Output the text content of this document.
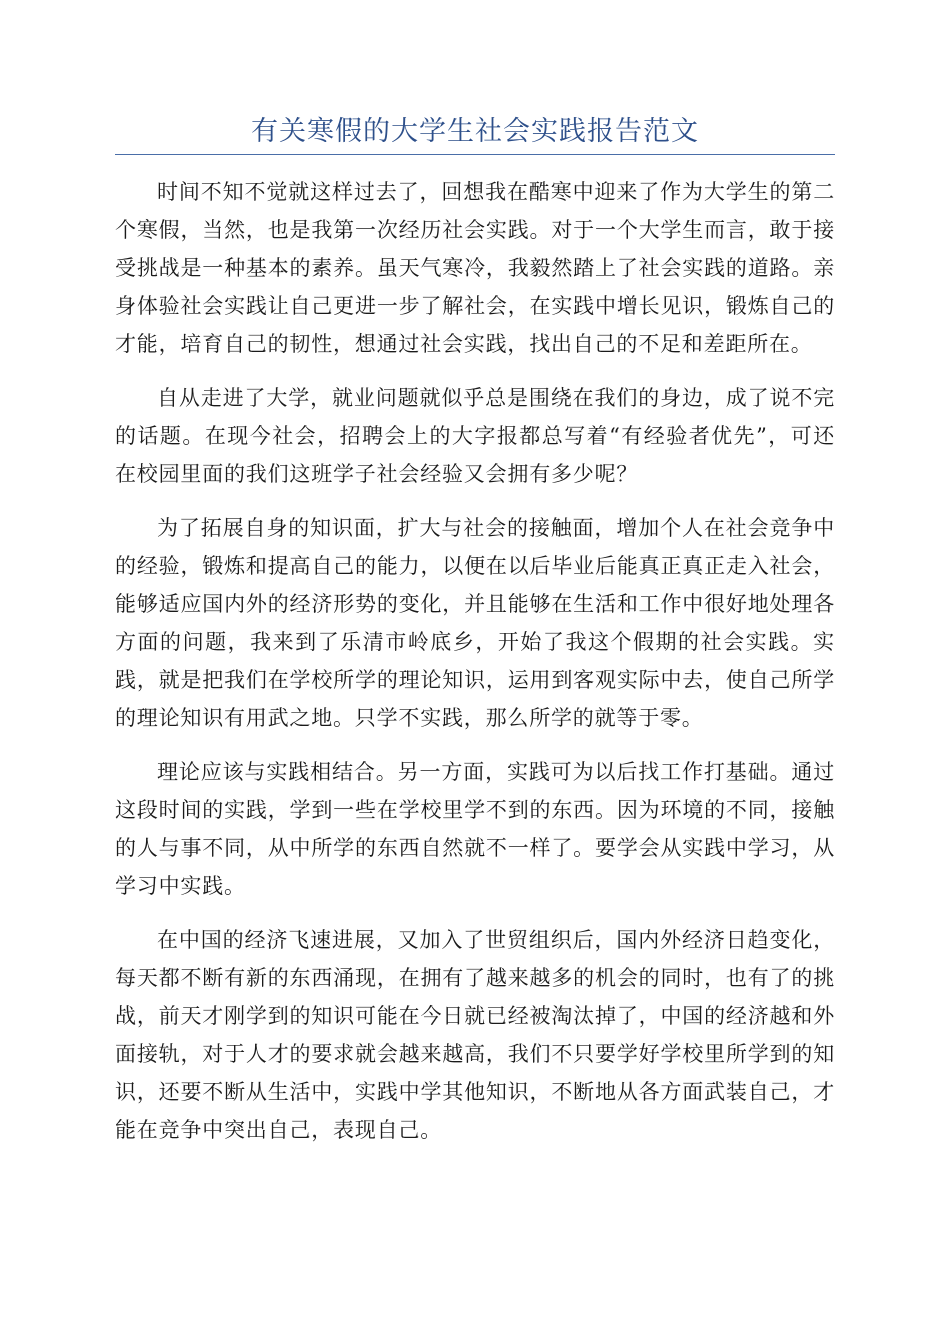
有关寒假的大学生社会实践报告范文

时间不知不觉就这样过去了，回想我在酷寒中迎来了作为大学生的第二个寒假，当然，也是我第一次经历社会实践。对于一个大学生而言，敢于接受挑战是一种基本的素养。虽天气寒冷，我毅然踏上了社会实践的道路。亲身体验社会实践让自己更进一步了解社会，在实践中增长见识，锻炼自己的才能，培育自己的韧性，想通过社会实践，找出自己的不足和差距所在。

自从走进了大学，就业问题就似乎总是围绕在我们的身边，成了说不完的话题。在现今社会，招聘会上的大字报都总写着“有经验者优先”，可还在校园里面的我们这班学子社会经验又会拥有多少呢？

为了拓展自身的知识面，扩大与社会的接触面，增加个人在社会竞争中的经验，锻炼和提高自己的能力，以便在以后毕业后能真正真正走入社会，能够适应国内外的经济形势的变化，并且能够在生活和工作中很好地处理各方面的问题，我来到了乐清市岭底乡，开始了我这个假期的社会实践。实践，就是把我们在学校所学的理论知识，运用到客观实际中去，使自己所学的理论知识有用武之地。只学不实践，那么所学的就等于零。

理论应该与实践相结合。另一方面，实践可为以后找工作打基础。通过这段时间的实践，学到一些在学校里学不到的东西。因为环境的不同，接触的人与事不同，从中所学的东西自然就不一样了。要学会从实践中学习，从学习中实践。

在中国的经济飞速进展，又加入了世贸组织后，国内外经济日趋变化，每天都不断有新的东西涌现，在拥有了越来越多的机会的同时，也有了的挑战，前天才刚学到的知识可能在今日就已经被淘汰掉了，中国的经济越和外面接轨，对于人才的要求就会越来越高，我们不只要学好学校里所学到的知识，还要不断从生活中，实践中学其他知识，不断地从各方面武装自己，才能在竞争中突出自己，表现自己。
